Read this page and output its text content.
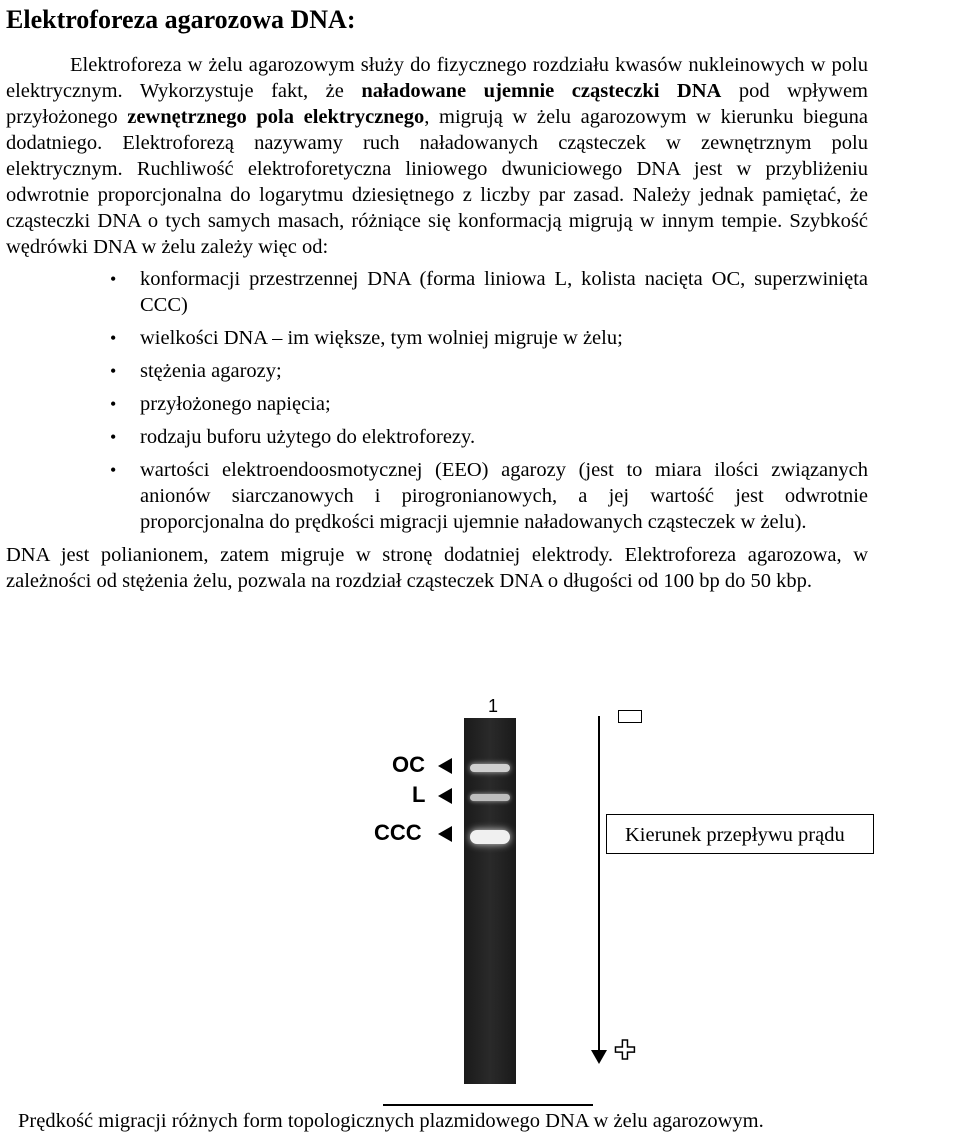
Elektroforeza agarozowa DNA:

Elektroforeza w żelu agarozowym służy do fizycznego rozdziału kwasów nukleinowych w polu elektrycznym. Wykorzystuje fakt, że naładowane ujemnie cząsteczki DNA pod wpływem przyłożonego zewnętrznego pola elektrycznego, migrują w żelu agarozowym w kierunku bieguna dodatniego. Elektroforezą nazywamy ruch naładowanych cząsteczek w zewnętrznym polu elektrycznym. Ruchliwość elektroforetyczna liniowego dwuniciowego DNA jest w przybliżeniu odwrotnie proporcjonalna do logarytmu dziesiętnego z liczby par zasad. Należy jednak pamiętać, że cząsteczki DNA o tych samych masach, różniące się konformacją migrują w innym tempie. Szybkość wędrówki DNA w żelu zależy więc od:

• konformacji przestrzennej DNA (forma liniowa L, kolista nacięta OC, superzwinięta CCC)
• wielkości DNA – im większe, tym wolniej migruje w żelu;
• stężenia agarozy;
• przyłożonego napięcia;
• rodzaju buforu użytego do elektroforezy.
• wartości elektroendoosmotycznej (EEO) agarozy (jest to miara ilości związanych anionów siarczanowych i pirogronianowych, a jej wartość jest odwrotnie proporcjonalna do prędkości migracji ujemnie naładowanych cząsteczek w żelu).

DNA jest polianionem, zatem migruje w stronę dodatniej elektrody. Elektroforeza agarozowa, w zależności od stężenia żelu, pozwala na rozdział cząsteczek DNA o długości od 100 bp do 50 kbp.

1
OC
L
CCC	Kierunek przepływu prądu
✚
Prędkość migracji różnych form topologicznych plazmidowego DNA w żelu agarozowym.
